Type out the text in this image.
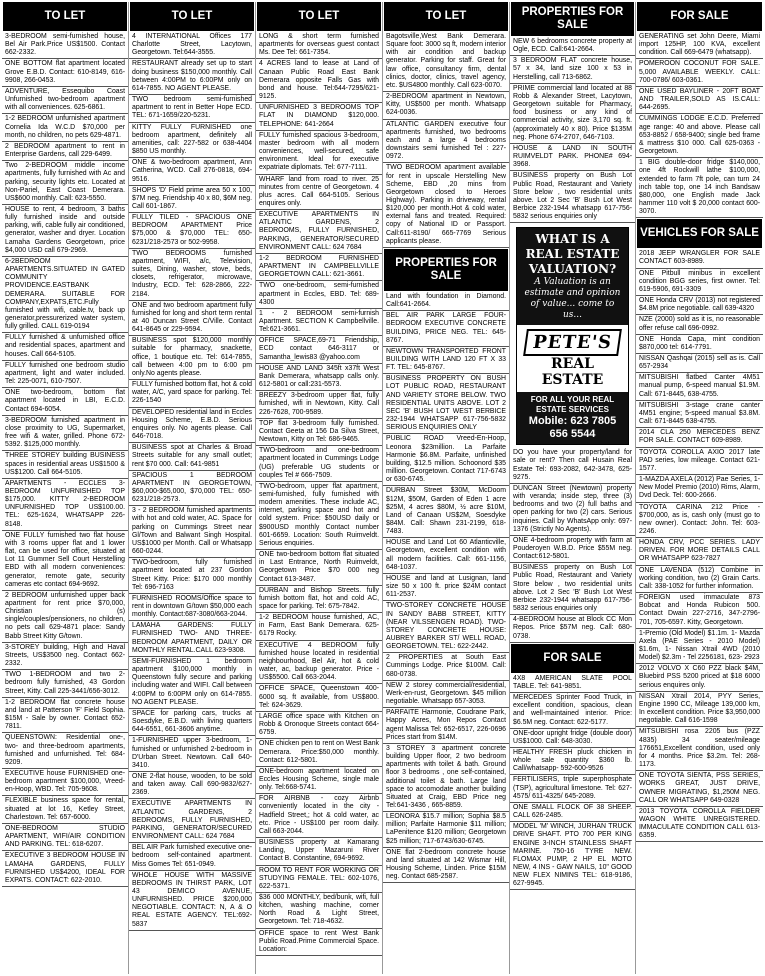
TO LET
3-BEDROOM semi-furnished house, Bel Air Park.Price US$1500. Contact 662-2332.
ONE BOTTOM flat apartment located Grove E.B.D. Contact: 610-8149, 616-9908, 266-0453.
ADVENTURE, Essequibo Coast Unfurnished two-bedroom apartment with all conveniences. 625-6861.
1-2 BEDROOM unfurnished apartment Cornelia Ida W.C.D $70,000 per month, no children, no pets 629-4871.
2 BEDROOM apartment to rent in Enterprise Gardens, call 229-6499.
Two 2-BEDROOM middle income apartments, fully furnished with Ac and parking, security lights etc. Located at Non-Pariel, East Coast Demerara. US$600 monthly. Call: 623-5550.
HOUSE to rent, 4 bedroom, 3 baths fully furnished inside and outside parking, wifi, cable fully air conditioned, generator, washer and dryer. Location Lamaha Gardens Georgetown, price $4,000 USD call 679-2969.
6-2BEDROOM APARTMENTS.SITUATED IN GATED COMMUNITY PROVIDENCE.EASTBANK DEMERARA. SUITABLE FOR COMPANY,EXPATS,ETC.Fully furnished with wifi, cable.tv, back up generator,pressurerized water system, fully grilled. CALL 619-0194
FULLY furnished & unfurnished office and residential spaces, apartment and houses. Call 664-5105.
FULLY furnished one bedroom studio apartment, light and water included. Tel: 225-0071, 610-7507.
ONE two-bedroom, bottom flat apartment located in LBI, E.C.D. Contact 694-6054.
3-BEDROOM furnished apartment in close proximity to UG, Supermarket, free wifi & water, grilled. Phone 672-5392. $125,000 monthly.
THREE STOREY building BUSINESS spaces in residential areas US$1500 & US$1200. Call 664-5105.
APARTMENTS - ECCLES 3-BEDROOM UNFURNISHED TOP $175,000. KITTY 2-BEDROOM UNFURNISHED TOP US$100.00. TEL: 625-1624, WHATSAPP 226-8148.
ONE FULLY furnished two flat house with 3 rooms upper flat and 1 lower flat, can be used for office, situated at Lot 11 Gummer Sell Court Herstelling EBD with all modern conveniences: generator, remote gate, security cameras etc contact 694-9692.
2 BEDROOM unfurnished upper back apartment for rent price $70,000, Christian (s) single/couples/pensioners, no children, no pets call 629-4871 place: Sandy Babb Street Kitty G/town.
3-STOREY building, High and Haval Streets, US$3500 neg. Contact 662-2332.
TWO 1-BEDROOM and two 2-bedroom fully furnished, 43 Gordon Street, Kitty. Call 225-3441/656-3012.
1-2 BEDROOM flat concrete house and land at Patterson 'F' Field Sophia. $15M - Sale by owner. Contact 652-7811.
QUEENSTOWN: Residential one-, two- and three-bedroom apartments, furnished and unfurnished. Tel: 684-9209.
EXECUTIVE house FURNISHED one-bedroom apartment $100,000, Vreed-en-Hoop, WBD. Tel: 705-9608.
FLEXIBLE business space for rental, situated at lot 16, Ketley Street, Charlestown. Tel: 657-6000.
ONE-BEDROOM STUDIO APARTMENT, WIFI/AIR CONDITION AND PARKING. TEL: 618-6207.
EXECUTIVE 3 BEDROOM HOUSE IN LAMAHA GARDENS, FULLY FURNISHED US$4200, IDEAL FOR EXPATS. CONTACT: 622-2010.
TO LET
4 INTERNATIONAL Offices 177 Charlotte Street, Lacytown, Georgetown. Tel:644-3555.
RESTAURANT already set up to start doing business $150,000 monthly. Call between 4:00PM to 6:00PM only on 614-7855. NO AGENT PLEASE.
TWO bedroom semi-furnished apartment to rent in Better Hope ECD. TEL: 671-1659/220-5231.
KITTY FULLY FURNISHED one bedroom apartment, definitely all amenities, call: 227-582 or 638-4404 $850 US monthly.
ONE & two-bedroom apartment, Ann Catherina, WCD. Call 276-0818, 694-9516.
SHOPS 'D' Field prime area 50 x 100, $7M neg. Friendship 40 x 80, $6M neg. Call 601-1867.
FULLY TILED - SPACIOUS ONE BEDROOM APARTMENT Price $75,000 & $70,000 TEL: 650-6231/218-2573 or 502-9958.
TWO BEDROOMS furnished apartment, WIFI, a/c, Television, suites, Dining, washer, stove, beds, closets, refrigerator, microwave, Industry, ECD. Tel: 628-2866, 222-2184.
ONE and two bedroom apartment fully furnished for long and short term rental at 40 Duncan Street C/Ville. Contact 641-8645 or 229-9594.
BUSINESS spot $120,000 monthly suitable for pharmacy, snackette, office, 1 boutique etc. Tel: 614-7855, call between 4:00 pm to 6:00 pm only.No agents please.
FULLY furnished bottom flat, hot & cold water, A/C, yard space for parking. Tel: 226-1540
DEVELOPED residential land in Eccles Housing Scheme, E.B.D. Serious enquires only. No agents please. Call 646-7018.
BUSINESS spot at Charles & Broad Streets suitable for any small outlet; rent $70 000. Call: 641-9851
SPACIOUS 1 BEDROOM APARTMENT IN GEORGETOWN, $60,000-$65,000, $70,000 TEL: 650-6231/218-2573.
3 - 2 BEDROOM furnished apartments with hot and cold water, AC. Space for parking on Cummings Street near Gl/Town and Balwant Singh Hospital. US$1000 per Month. Call or Whatsapp 660-0244.
TWO-bedroom, fully furnished apartment located at 237 Gordon Street Kitty. Price: $170 000 monthly Tel: 696-7163
FURNISHED ROOMS/Office space to rent in downtown G/town $50,000 each monthly. Contact:687-3080/663-2044.
LAMAHA GARDENS: FULLY FURNISHED TWO- AND THREE-BEDROOM APARTMENT, DAILY OR MONTHLY RENTAL.CALL 623-9308.
SEMI-FURNISHED 1 bedroom apartment $100,000 monthly in Queenstown fully secure and parking including water and WIFI. Call between 4:00PM to 6:00PM only on 614-7855. NO AGENT PLEASE.
SPACE for parking cars, trucks at Soesdyke, E.B.D. with living quarters 644-6551, 661-3606 anytime.
1-FURNISHED upper 3-bedroom, 1-furnished or unfurnished 2-bedroom in D'Urban Street. Newtown. Call 640-3410.
ONE 2-flat house, wooden, to be sold and taken away. Call 690-9832/627-2369.
EXECUTIVE APARTMENTS IN ATLANTIC GARDENS, 2 BEDROOMS, FULLY FURNISHED, PARKING, GENERATOR/SECURED ENVIRONMENT CALL: 624 7684
BEL AIR Park furnished executive one-bedroom self-contained apartment. Miss Gomes Tel: 651-0949.
WHOLE HOUSE WITH MASSIVE BEDROOMS IN THIRST PARK, LOT 43 DEMICO AVENUE, UNFURNISHED. PRICE $200,000 NEGOTIABLE. CONTACT: N, A & O REAL ESTATE AGENCY. TEL:692-5837
TO LET
LONG & short term furnished apartments for overseas guest contact Ms. Dee Tel: 661-7354.
4 ACRES land to lease at Land of Canaan Public Road East Bank Demerara opposite Falls Gas with bond and house. Tel:644-7295/621-9125.
UNFURNISHED 3 BEDROOMS TOP FLAT IN DIAMOND $120,000. TELEPHONE: 641-2664
FULLY furnished spacious 3-bedroom, master bedroom with all modern conveniences, well-secured, safe environment. Ideal for executive expatriate diplomats. Tel: 677-7111.
WHARF land from road to river. 25 minutes from centre of Georgetown. 4 plus acres. Call 664-5105. Serious enquires only.
EXECUTIVE APARTMENTS IN ATLANTIC GARDENS, 2 BEDROOMS, FULLY FURNISHED, PARKING, GENERATOR/SECURED ENVIRONMENT CALL: 624 7684
1-2 BEDROOM FURNISHED APARTMENT IN CAMPBELLVILLE GEORGETOWN CALL: 621-3661.
TWO one-bedroom, semi-furnished apartment in Eccles, EBD. Tel: 689-4300
1 - 2 BEDROOM semi-furnish Apartment. SECTION K Campbellville. Tel:621-3661.
OFFICE SPACE,69-71 Friendship, ECD contact 646-3117 or Samantha_lewis83 @yahoo.com
HOUSE AND LAND 345ft x37ft West Bank Demerara, whatsapp calls only. 612-5801 or call:231-5573.
BREEZY 3-bedroom upper flat, fully furnished, wifi in Newtown, Kitty. Call 226-7628, 700-9589.
TOP flat 3-bedroom fully furnished. Contact Geeta at 156 Da Silva Street, Newtown, Kitty on Tel: 686-9465.
TWO-bedroom and one-bedroom apartment located in Cummings Lodge (UG) preferable UG students or couples Tel # 666-7509.
TWO-bedroom, upper flat apartment, semi-furnished, fully furnished with modern amenities. These include AC, internet, parking space and hot and cold system. Price: $50USD daily or $900USD monthly Contact number 601-6659. Location: South Ruimveldt. Serious enquiries.
ONE two-bedroom bottom flat situated in Last Entrance, North Ruimveldt, Georgetown Price $70 000 neg Contact 613-3487.
DURBAN and Bishop Streets. fully furnish bottom flat, hot and cold AC, space for parking. Tel: 675-7842.
1-2 BEDROOM house furnished, AC, in Farm, East Bank Demerara. 625-6179 Rocky.
EXECUTIVE 4 BEDROOM fully furnished house located in residential neighbourhood, Bel Air, hot & cold water, ac, backup generator. Price - US$5500. Call 663-2044.
OFFICE SPACE, Queenstown 400-6000 sq. ft available, from US$800. Tel: 624-3629.
LARGE office space with Kitchen on Robb & Oronoque Streets contact 664-6759.
ONE chicken pen to rent on West Bank Demerara. Price:$50,000 monthly. Contact: 612-5801.
ONE-bedroom apartment located on Eccles Housing Scheme, single male only. Tel:668-5741.
FOR AIRBNB - cozy Airbnb conveniently located in the city - Hadfield Street,; hot & cold water, ac etc. Price - US$100 per room daily. Call 663-2044.
BUSINESS property at Kamarang Landing, Upper Mazaruni River Contact B. Constantine, 694-9692.
ROOM TO RENT FOR WORKING OR STUDYING FEMALE. TEL: 602-1076, 622-5371.
$36 000 MONTHLY, bed/bunk, wifi, full kitchen, washing machine, corner North Road & Light Street, Georgetown. Tel: 718-4632.
OFFICE space to rent West Bank Public Road.Prime Commercial Space. Location:
TO LET
Bagotsville,West Bank Demerara. Square foot: 3000 sq ft, modern interior with air condition and backup generator. Parking for staff. Great for law office, consultancy firm, dental clinics, doctor, clinics, travel agency, etc. $US4800 monthly. Call 623-0070.
2-BEDROOM apartment in Newtown, Kitty, US$500 per month. Whatsapp 624-0036.
ATLANTIC GARDEN executive four apartments furnished, two bedrooms each and a large 4 bedrooms downstairs semi furnished Tel : 227-0972.
TWO BEDROOM apartment available for rent in upscale Herstelling New Scheme, EBD ,20 mins from Georgetown closed to Heroes Highway). Parking in driveway, rental $120,000 per month.Hot & cold water, external fans and treated. Required: copy of National ID or Passport. Call:611-8190/ 665-7769 Serious applicants please.
PROPERTIES FOR SALE
Land with foundation in Diamond. Call:641-2664.
BEL AIR PARK LARGE FOUR-BEDROOM EXECUTIVE CONCRETE BUILDING, PRICE NEG. TEL: 645-8767.
NEWTOWN TRANSPORTED FRONT BUILDING WITH LAND 120 FT X 33 FT. TEL: 645-8767.
BUSINESS PROPERTY ON BUSH LOT PUBLIC ROAD, RESTAURANT AND VARIETY STORE BELOW. TWO RESIDENTIAL UNITS ABOVE. LOT 2 SEC 'B' BUSH LOT WEST BERBICE 232-1944 WHATSAPP 617-756-5832 SERIOUS ENQUIRIES ONLY
PUBLIC ROAD Vreed-En-Hoop, Leonora $23million. La Parfaite Harmonie $6.8M. Parfaite, unfinished building, $12.5 million. Schoonord $35 million. Georgetown. Contact 717-6743 or 630-6745.
DURBAN Street $30M, McDoom $12M, $50M, Garden of Eden 1 acre $25M, 4 acres $80M, ½ acre $10M, Land of Canaan US$2M, Soesdyke $84M. Call: Shawn 231-2199, 618-7483.
HOUSE and Land Lot 60 Atlanticville, Georgetown, excellent condition with all modern facilities. Call: 661-1156, 648-1037.
HOUSE and land at Lusignan, land size 50 x 100 ft. price $24M contact 611-2537.
TWO-STOREY CONCRETE HOUSE IN SANDY BABB STREET, KITTY (NEAR VILSSENGEN ROAD). TWO-STOREY CONCRETE HOUSE: AUBREY BARKER ST/ WELL ROAD, GEORGETOWN. TEL: 622-2442.
2 PROPERTIES at South East Cummings Lodge. Price $100M. Call: 680-0738.
NEW 2 storey commercial/residential, Werk-en-rust, Georgetown. $45 million negotiable. Whatsapp 657-3053.
PARFAITE Harmonie, Coudrane Park, Happy Acres, Mon Repos Contact agent Malissa Tel: 652-6517, 226-0696 Prices start from $14M.
3 STOREY 3 apartment concrete building Upper floor, 2 two bedroom apartments with toilet & bath. Ground floor 3 bedrooms , one self-contained, additional toilet & bath. Large land space to accomodate another building Situated at Craig, EBD Price neg Tel:641-3436 , 665-8859.
LEONORA $15.7 million; Sophia $8.5 million; Parfaite Harmonie $11 million; LaPenitence $120 million; Georgetown $25 million; 717-6743/630-6745.
ONE flat 2-bedroom concrete house and land situated at 142 Wismar Hill, Housing Scheme, Linden. Price $15M neg. Contact 685-2587.
PROPERTIES FOR SALE
NEW 6 bedrooms concrete property at Ogle, ECD. Call:641-2664.
3 BEDROOM FLAT concrete house, 57 x 34, land size 100 x 53 in Herstelling, call 713-6862.
PRIME commercial land located at 88 Robb & Alexander Street, Lacytown, Georgetown suitable for Pharmacy, food business or any kind of commercial activity, size 3,170 sq. ft. (approximately 40 x 80). Price $135M neg. Phone 674-2707, 646-7103.
HOUSE & LAND IN SOUTH RUIMVELDT PARK. PHONE# 694-3968.
BUSINESS property on Bush Lot Public Road, Restaurant and Variety Store below , two residential units above. Lot 2 Sec 'B' Bush Lot West Berbice 232-1944 whatsapp 617-756-5832 serious enquiries only
WHAT IS A REAL ESTATE VALUATION?
A Valuation is an estimate and opinion of value... come to us...
PETE'S
REAL ESTATE
FOR ALL YOUR REAL ESTATE SERVICES
Mobile: 623 7805 656 5544
DO you have your property/land for sale or rent? Then call Husain Real Estate Tel: 693-2082, 642-3478, 625-9275.
DUNCAN Street (Newtown) property with veranda; inside step, three (3) bedrooms and two (2) full baths and open parking for two (2) cars. Serious inquiries. Call by WhatsApp only: 697-1376 (Strictly No Agents).
ONE 4-bedroom property with farm at Pouderoyen W.B.D. Price $55M neg. Contact:612-5801.
BUSINESS property on Bush Lot Public Road, Restaurant and Variety Store below , two residential units above. Lot 2 Sec 'B' Bush Lot West Berbice 232-1944 whatsapp 617-756-5832 serious enquiries only
4-BEDROOM house at Block CC Mon Repos. Price $57M neg. Call: 680-0738.
FOR SALE
4X8 AMERICAN SLATE POOL TABLE. Tel: 641-9851.
MERCEDES Sprinter Food Truck, in excellent condition, spacious, clean and well-maintained interior. Price: $6.5M neg. Contact: 622-5177.
ONE-door upright fridge (double door) US$1000. Call: 648-3030.
HEALTHY FRESH pluck chicken in whole sale quantity $360 lb. Call/whatsapp- 592-600-9526
FERTILISERS, triple superphosphate (TSP), agricultural limestone. Tel: 627-4575/ 611-4325/ 645-2089.
ONE SMALL FLOCK OF 38 SHEEP. CALL 626-2485.
MODEL 'M' WINCH, JURHAN TRUCK DRIVE SHAFT. PTO 700 PER KING ENGINE 3-INCH STAINLESS SHAFT MARINE. 750-16 TYRE NEW. FLOMAX PUMP, 2 HP EL MOTO NEW, 4 INS - GAW NAILS, 10" GOOD NEW FLEX NIMINS TEL: 618-9186, 627-9945.
FOR SALE
GENERATING set John Deere, Miami import 125HP, 100 KVA, excellent condition. Call 669-6479 (whatsapp).
POMEROON COCONUT FOR SALE. 5,000 AVAILABLE WEEKLY. CALL: 700-0786/ 603-0361.
ONE USED BAYLINER - 20FT BOAT AND TRAILER,SOLD AS IS.CALL: 644-2695.
CUMMINGS LODGE E.C.D. Preferred age range: 40 and above. Please call 653-8852 / 658-9400; single bed frame & mattress $10 000. Call 625-0363 - Georgetown.
1 BIG double-door fridge $140,000, one 4ft Rockwill lathe $100,000, extended to farm 7ft pole, can turn 24 inch table top, one 14 inch Bandsaw $80,000, one English made Jack hammer 110 volt $ 20,000 contact 600-3070.
VEHICLES FOR SALE
2018 JEEP WRANGLER FOR SALE CONTACT 603-8989.
ONE Pitbull minibus in excellent condition BGG series, first owner. Tel: 619-5906, 691-3309
ONE Honda CRV (2013) not registered $4.8M price negotiable. call 639-4320
NZE (2000) sold as it is, no reasonable offer refuse call 696-0992.
ONE Honda Capa, mint condition $870,000 tel: 614-7791.
NISSAN Qashqai (2015) sell as is. Call 657-2934
MITSUBISHI flatbed Canter 4M51 manual pump, 6-speed manual $1.9M. Call: 671-8445, 638-4755.
MITSUBISHI 3-stage crane canter 4M51 engine; 5-speed manual $3.8M. Call: 671-8445 638-4755.
2014 CLA 250 MERCEDES BENZ FOR SALE. CONTACT 609-8989.
TOYOTA COROLLA AXIO 2017 late PAD series, low mileage. Contact 621-1577.
1-MAZDA AXELA (2012) Pae Series, 1- New Model Premio (2010) Rims, Alarm, Dvd Deck. Tel: 600-2666.
TOYOTA CARINA 212 Price - $700,000, as is, cash only (must go to new owner). Contact: John. Tel: 603-2246.
HONDA CRV, PCC SERIES. LADY DRIVEN. FOR MORE DETAILS CALL OR WHATSAPP 623-7827
ONE LAVENDA (512) Combine in working condition, two (2) Grain Carts. Call: 338-1052 for further information.
FOREIGN used immaculate 873 Bobcat and Honda Rubicon 500. Contact Dwain 227-2716, 347-2796-701, 705-6597. Kitty, Georgetown.
1-Premio (Old Model) $1.1m. 1- Mazda Axela (PAE Series - 2010 Model) $1.6m, 1- Nissan Xtrail 4WD (2010 Model) $2.3m - Tel 2256181, 623- 2923
2012 VOLVO X C60 PZZ black $4M, Bluebird PSS 5200 priced at $18 6000 serious enquires only.
NISSAN Xtrail 2014, PYY Series, Engine 1990 CC, Mileage 139,000 km, In excellent condition. Price $3,950,000 negotiable. Call 616-1598
MITSUBISHI rosa 2205 bus (PZZ 4835) 34 seater/mileage 176651,Excellent condition, used only for 4 months. Price $3.2m. Tel: 268-1173.
ONE TOYOTA SIENTA, PSS SERIES, WORKS GREAT, JUST DRIVE, OWNER MIGRATING, $1,250M NEG. CALL OR WHATSAPP 649-0328
2013 TOYOTA COROLLA FIELDER WAGON WHITE UNREGISTERED. IMMACULATE CONDITION CALL 613-6359.
